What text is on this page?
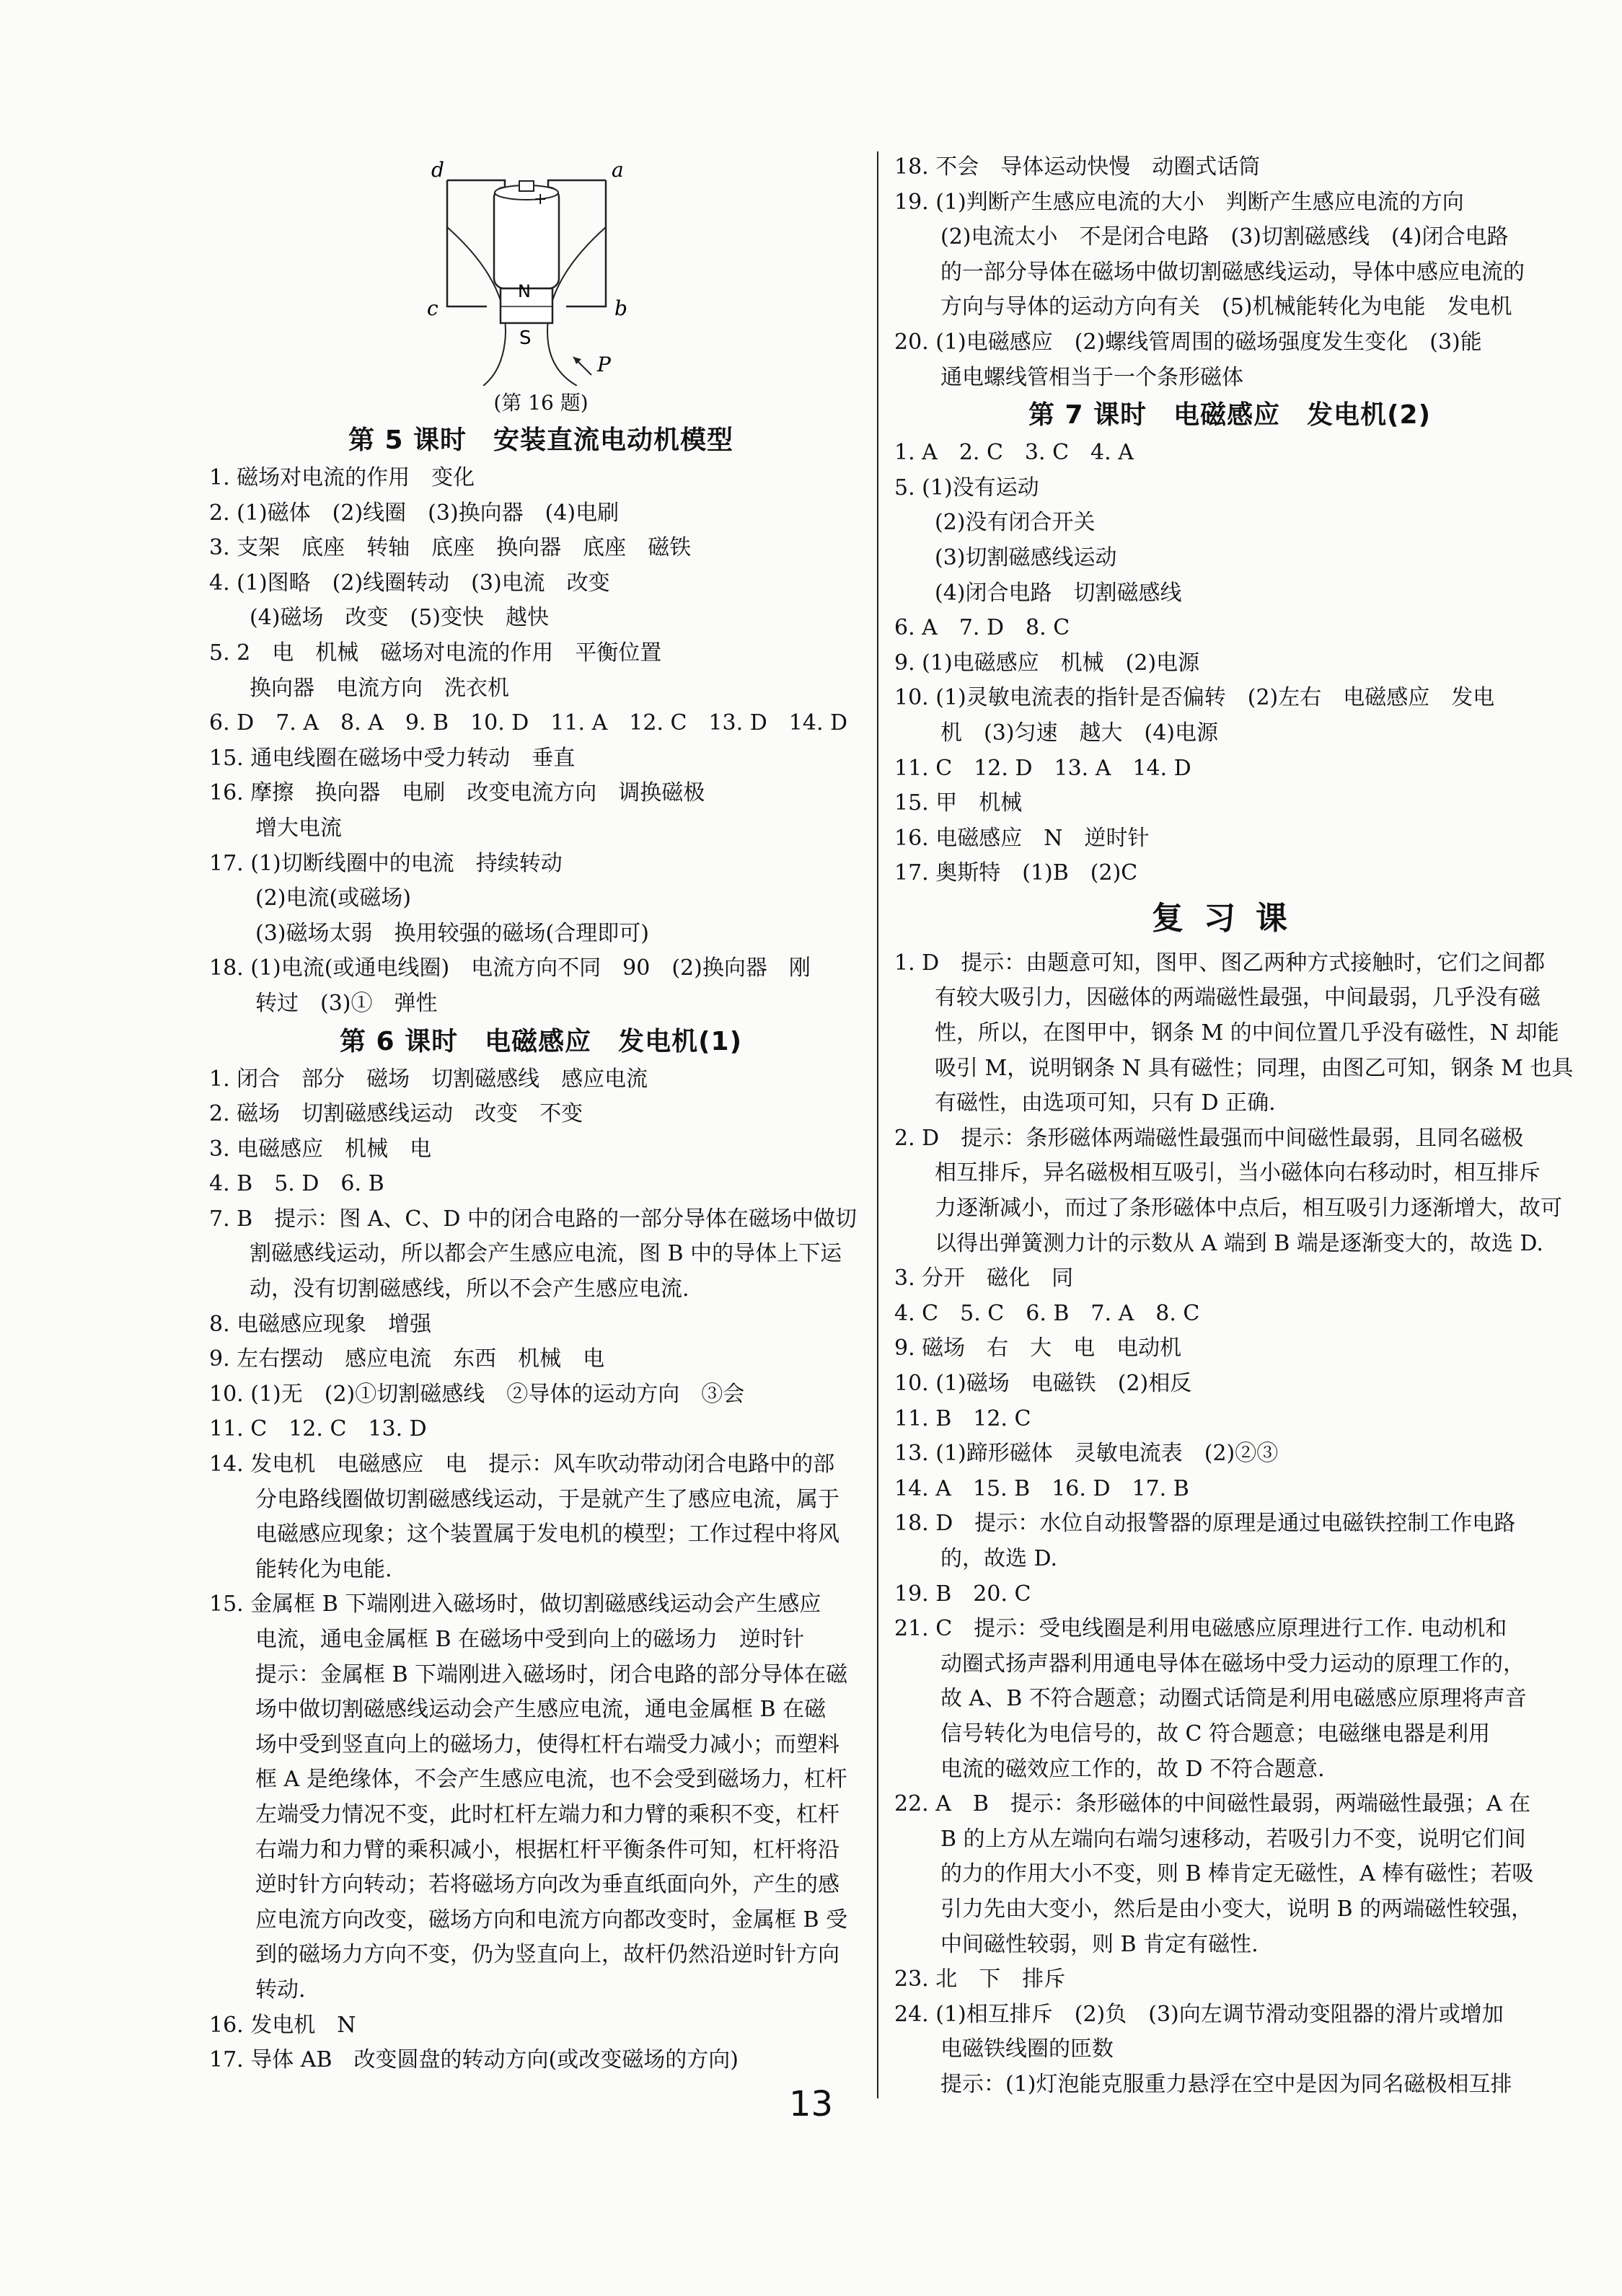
d	a
c	b
N
S
P
+
(第 16 题)
第 5 课时　安装直流电动机模型
1. 磁场对电流的作用　变化
2. (1)磁体　(2)线圈　(3)换向器　(4)电刷
3. 支架　底座　转轴　底座　换向器　底座　磁铁
4. (1)图略　(2)线圈转动　(3)电流　改变
(4)磁场　改变　(5)变快　越快
5. 2　电　机械　磁场对电流的作用　平衡位置
换向器　电流方向　洗衣机
6. D　7. A　8. A　9. B　10. D　11. A　12. C　13. D　14. D
15. 通电线圈在磁场中受力转动　垂直
16. 摩擦　换向器　电刷　改变电流方向　调换磁极
增大电流
17. (1)切断线圈中的电流　持续转动
(2)电流(或磁场)
(3)磁场太弱　换用较强的磁场(合理即可)
18. (1)电流(或通电线圈)　电流方向不同　90　(2)换向器　刚
转过　(3)①　弹性
第 6 课时　电磁感应　发电机(1)
1. 闭合　部分　磁场　切割磁感线　感应电流
2. 磁场　切割磁感线运动　改变　不变
3. 电磁感应　机械　电
4. B　5. D　6. B
7. B　提示：图 A、C、D 中的闭合电路的一部分导体在磁场中做切
割磁感线运动，所以都会产生感应电流，图 B 中的导体上下运
动，没有切割磁感线，所以不会产生感应电流.
8. 电磁感应现象　增强
9. 左右摆动　感应电流　东西　机械　电
10. (1)无　(2)①切割磁感线　②导体的运动方向　③会
11. C　12. C　13. D
14. 发电机　电磁感应　电　提示：风车吹动带动闭合电路中的部
分电路线圈做切割磁感线运动，于是就产生了感应电流，属于
电磁感应现象；这个装置属于发电机的模型；工作过程中将风
能转化为电能.
15. 金属框 B 下端刚进入磁场时，做切割磁感线运动会产生感应
电流，通电金属框 B 在磁场中受到向上的磁场力　逆时针
提示：金属框 B 下端刚进入磁场时，闭合电路的部分导体在磁
场中做切割磁感线运动会产生感应电流，通电金属框 B 在磁
场中受到竖直向上的磁场力，使得杠杆右端受力减小；而塑料
框 A 是绝缘体，不会产生感应电流，也不会受到磁场力，杠杆
左端受力情况不变，此时杠杆左端力和力臂的乘积不变，杠杆
右端力和力臂的乘积减小，根据杠杆平衡条件可知，杠杆将沿
逆时针方向转动；若将磁场方向改为垂直纸面向外，产生的感
应电流方向改变，磁场方向和电流方向都改变时，金属框 B 受
到的磁场力方向不变，仍为竖直向上，故杆仍然沿逆时针方向
转动.
16. 发电机　N
17. 导体 AB　改变圆盘的转动方向(或改变磁场的方向)
18. 不会　导体运动快慢　动圈式话筒
19. (1)判断产生感应电流的大小　判断产生感应电流的方向
(2)电流太小　不是闭合电路　(3)切割磁感线　(4)闭合电路
的一部分导体在磁场中做切割磁感线运动，导体中感应电流的
方向与导体的运动方向有关　(5)机械能转化为电能　发电机
20. (1)电磁感应　(2)螺线管周围的磁场强度发生变化　(3)能
通电螺线管相当于一个条形磁体
第 7 课时　电磁感应　发电机(2)
1. A　2. C　3. C　4. A
5. (1)没有运动
(2)没有闭合开关
(3)切割磁感线运动
(4)闭合电路　切割磁感线
6. A　7. D　8. C
9. (1)电磁感应　机械　(2)电源
10. (1)灵敏电流表的指针是否偏转　(2)左右　电磁感应　发电
机　(3)匀速　越大　(4)电源
11. C　12. D　13. A　14. D
15. 甲　机械
16. 电磁感应　N　逆时针
17. 奥斯特　(1)B　(2)C
复习课
1. D　提示：由题意可知，图甲、图乙两种方式接触时，它们之间都
有较大吸引力，因磁体的两端磁性最强，中间最弱，几乎没有磁
性，所以，在图甲中，钢条 M 的中间位置几乎没有磁性，N 却能
吸引 M，说明钢条 N 具有磁性；同理，由图乙可知，钢条 M 也具
有磁性，由选项可知，只有 D 正确.
2. D　提示：条形磁体两端磁性最强而中间磁性最弱，且同名磁极
相互排斥，异名磁极相互吸引，当小磁体向右移动时，相互排斥
力逐渐减小，而过了条形磁体中点后，相互吸引力逐渐增大，故可
以得出弹簧测力计的示数从 A 端到 B 端是逐渐变大的，故选 D.
3. 分开　磁化　同
4. C　5. C　6. B　7. A　8. C
9. 磁场　右　大　电　电动机
10. (1)磁场　电磁铁　(2)相反
11. B　12. C
13. (1)蹄形磁体　灵敏电流表　(2)②③
14. A　15. B　16. D　17. B
18. D　提示：水位自动报警器的原理是通过电磁铁控制工作电路
的，故选 D.
19. B　20. C
21. C　提示：受电线圈是利用电磁感应原理进行工作. 电动机和
动圈式扬声器利用通电导体在磁场中受力运动的原理工作的，
故 A、B 不符合题意；动圈式话筒是利用电磁感应原理将声音
信号转化为电信号的，故 C 符合题意；电磁继电器是利用
电流的磁效应工作的，故 D 不符合题意.
22. A　B　提示：条形磁体的中间磁性最弱，两端磁性最强；A 在
B 的上方从左端向右端匀速移动，若吸引力不变，说明它们间
的力的作用大小不变，则 B 棒肯定无磁性，A 棒有磁性；若吸
引力先由大变小，然后是由小变大，说明 B 的两端磁性较强，
中间磁性较弱，则 B 肯定有磁性.
23. 北　下　排斥
24. (1)相互排斥　(2)负　(3)向左调节滑动变阻器的滑片或增加
电磁铁线圈的匝数
提示：(1)灯泡能克服重力悬浮在空中是因为同名磁极相互排
13
